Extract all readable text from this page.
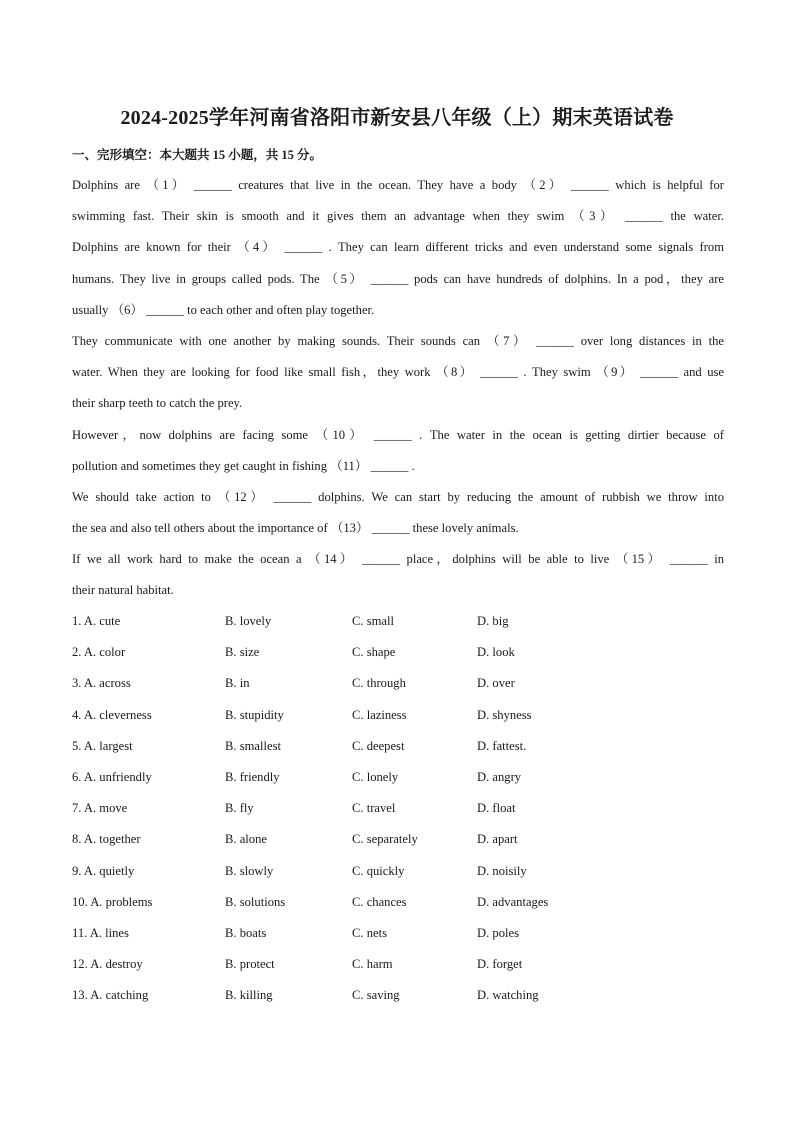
2024-2025学年河南省洛阳市新安县八年级（上）期末英语试卷
一、完形填空：本大题共 15 小题，共 15 分。
Dolphins are （1） ______ creatures that live in the ocean. They have a body （2） ______ which is helpful for
swimming fast. Their skin is smooth and it gives them an advantage when they swim （3） ______ the water.
Dolphins are known for their （4） ______ . They can learn different tricks and even understand some signals from
humans. They live in groups called pods. The （5） ______ pods can have hundreds of dolphins. In a pod，they are
usually （6） ______ to each other and often play together.
They communicate with one another by making sounds. Their sounds can （7） ______ over long distances in the
water. When they are looking for food like small fish，they work （8） ______ . They swim （9） ______ and use
their sharp teeth to catch the prey.
However，now dolphins are facing some （10） ______ . The water in the ocean is getting dirtier because of
pollution and sometimes they get caught in fishing （11） ______ .
We should take action to （12） ______ dolphins. We can start by reducing the amount of rubbish we throw into
the sea and also tell others about the importance of （13） ______ these lovely animals.
If we all work hard to make the ocean a （14） ______ place，dolphins will be able to live （15） ______ in
their natural habitat.
1. A. cute	B. lovely	C. small	D. big
2. A. color	B. size	C. shape	D. look
3. A. across	B. in	C. through	D. over
4. A. cleverness	B. stupidity	C. laziness	D. shyness
5. A. largest	B. smallest	C. deepest	D. fattest.
6. A. unfriendly	B. friendly	C. lonely	D. angry
7. A. move	B. fly	C. travel	D. float
8. A. together	B. alone	C. separately	D. apart
9. A. quietly	B. slowly	C. quickly	D. noisily
10. A. problems	B. solutions	C. chances	D. advantages
11. A. lines	B. boats	C. nets	D. poles
12. A. destroy	B. protect	C. harm	D. forget
13. A. catching	B. killing	C. saving	D. watching
